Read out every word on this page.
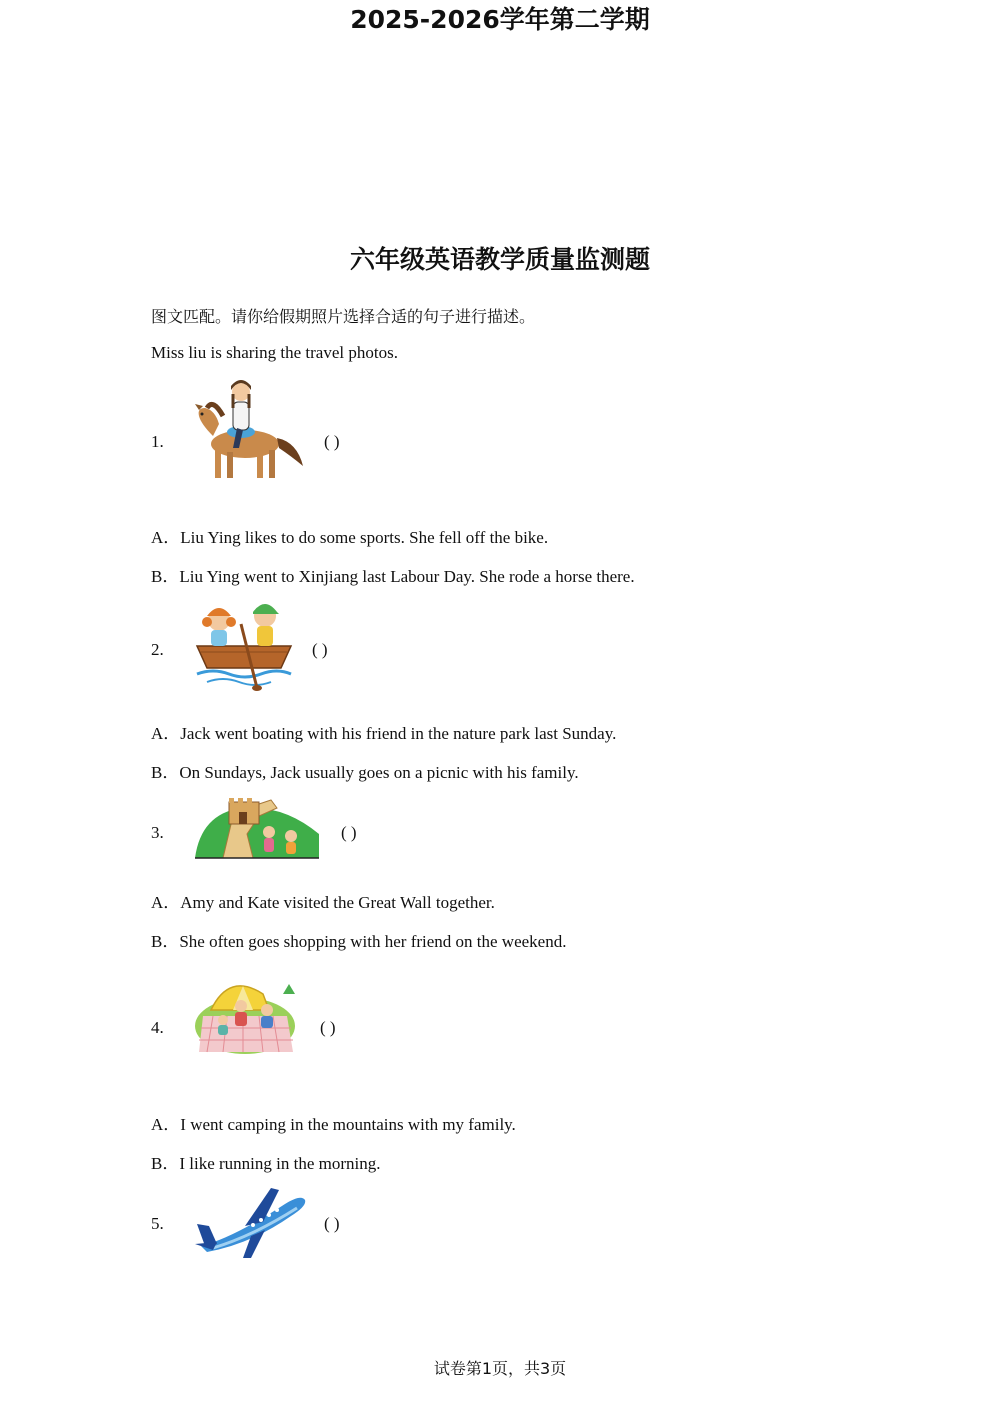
2025-2026学年第二学期
六年级英语教学质量监测题
图文匹配。请你给假期照片选择合适的句子进行描述。
Miss liu is sharing the travel photos.
1.	( )
A．Liu Ying likes to do some sports. She fell off the bike.
B．Liu Ying went to Xinjiang last Labour Day. She rode a horse there.
2.	( )
A．Jack went boating with his friend in the nature park last Sunday.
B．On Sundays, Jack usually goes on a picnic with his family.
3.	( )
A．Amy and Kate visited the Great Wall together.
B．She often goes shopping with her friend on the weekend.
4.	( )
A．I went camping in the mountains with my family.
B．I like running in the morning.
5.	( )
试卷第1页，共3页
